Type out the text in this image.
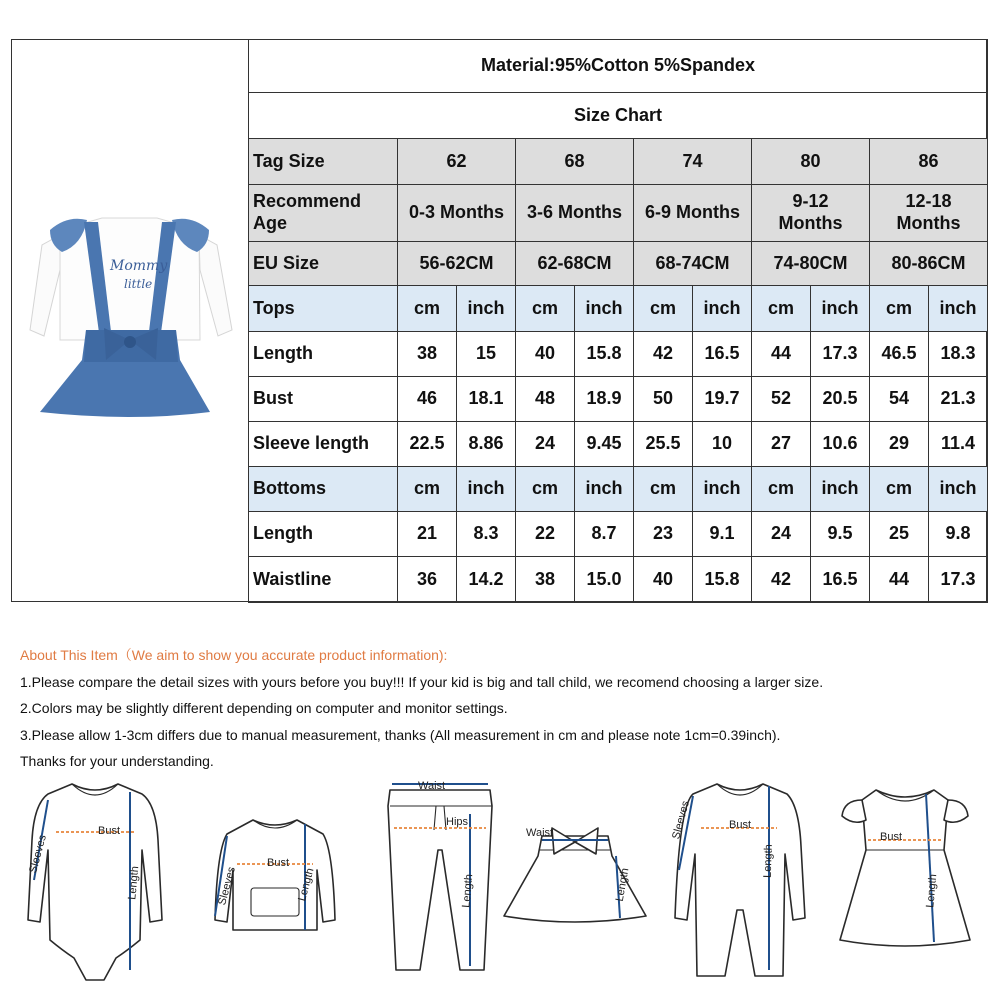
Mommy
little
Material:95%Cotton 5%Spandex										
Size Chart										
Tag Size	62		68		74		80		86	
Recommend Age	0-3 Months		3-6 Months		6-9 Months		9-12 Months		12-18 Months	
EU Size	56-62CM		62-68CM		68-74CM		74-80CM		80-86CM	
Tops	cm	inch	cm	inch	cm	inch	cm	inch	cm	inch
Length	38	15	40	15.8	42	16.5	44	17.3	46.5	18.3
Bust	46	18.1	48	18.9	50	19.7	52	20.5	54	21.3
Sleeve length	22.5	8.86	24	9.45	25.5	10	27	10.6	29	11.4
Bottoms	cm	inch	cm	inch	cm	inch	cm	inch	cm	inch
Length	21	8.3	22	8.7	23	9.1	24	9.5	25	9.8
Waistline	36	14.2	38	15.0	40	15.8	42	16.5	44	17.3
About This Item（We aim to show you accurate product information):
1.Please compare the detail sizes with yours before you buy!!! If your kid is big and tall child, we recomend choosing a larger size.
2.Colors may be slightly different depending on computer and monitor settings.
3.Please allow 1-3cm differs due to manual measurement, thanks (All measurement in cm and please note 1cm=0.39inch).
Thanks for your understanding.
Bust
Sleeves
Length
Bust
Sleeves	Length
Waist
Hips
Length
Waist
Length
Bust
Sleeves
Length
Bust
Length
